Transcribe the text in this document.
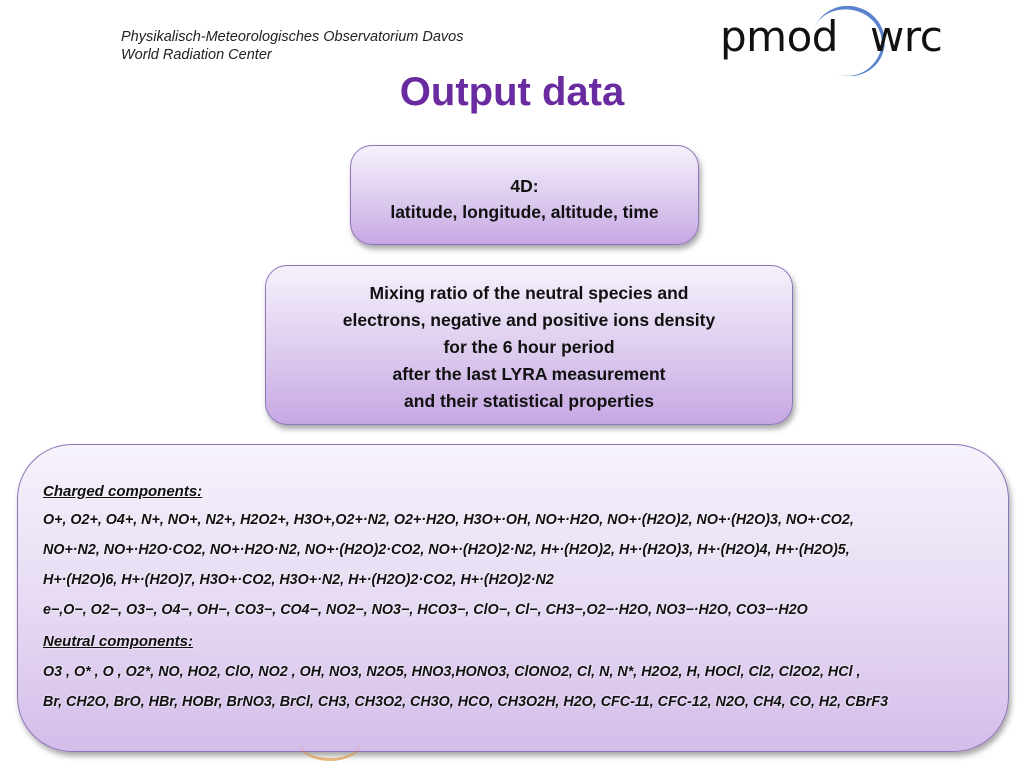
Physikalisch-Meteorologisches Observatorium Davos
World Radiation Center	pmod wrc
Output data
4D:
latitude, longitude, altitude, time
Mixing ratio of the neutral species and
electrons, negative and positive ions density
for the 6 hour period
after the last LYRA measurement
and their statistical properties
Charged components:
O+, O2+, O4+, N+, NO+, N2+, H2O2+, H3O+,O2+·N2, O2+·H2O, H3O+·OH, NO+·H2O, NO+·(H2O)2, NO+·(H2O)3, NO+·CO2,
NO+·N2, NO+·H2O·CO2, NO+·H2O·N2, NO+·(H2O)2·CO2, NO+·(H2O)2·N2, H+·(H2O)2, H+·(H2O)3, H+·(H2O)4, H+·(H2O)5,
H+·(H2O)6, H+·(H2O)7, H3O+·CO2, H3O+·N2, H+·(H2O)2·CO2, H+·(H2O)2·N2
e−,O−, O2−, O3−, O4−, OH−, CO3−, CO4−, NO2−, NO3−, HCO3−, ClO−, Cl−, CH3−,O2−·H2O, NO3−·H2O, CO3−·H2O
Neutral components:
O3 , O* , O , O2*, NO, HO2, ClO, NO2 , OH, NO3, N2O5, HNO3,HONO3, ClONO2, Cl, N, N*, H2O2, H, HOCl, Cl2, Cl2O2, HCl ,
Br, CH2O, BrO, HBr, HOBr, BrNO3, BrCl, CH3, CH3O2, CH3O, HCO, CH3O2H, H2O, CFC-11, CFC-12, N2O, CH4, CO, H2, CBrF3
